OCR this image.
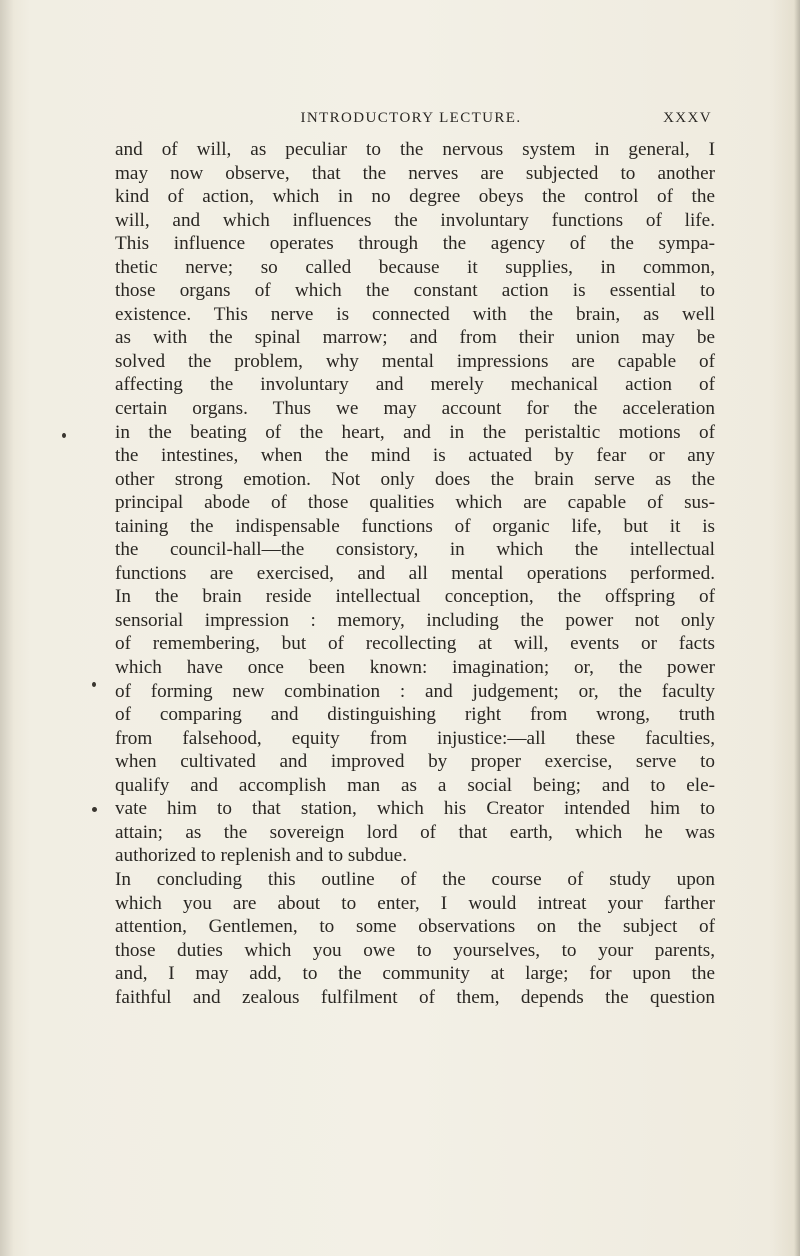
INTRODUCTORY LECTURE.	XXXV
and of will, as peculiar to the nervous system in general, I
may now observe, that the nerves are subjected to another
kind of action, which in no degree obeys the control of the
will, and which influences the involuntary functions of life.
This influence operates through the agency of the sympa-
thetic nerve; so called because it supplies, in common,
those organs of which the constant action is essential to
existence. This nerve is connected with the brain, as well
as with the spinal marrow; and from their union may be
solved the problem, why mental impressions are capable of
affecting the involuntary and merely mechanical action of
certain organs. Thus we may account for the acceleration
in the beating of the heart, and in the peristaltic motions of
the intestines, when the mind is actuated by fear or any
other strong emotion. Not only does the brain serve as the
principal abode of those qualities which are capable of sus-
taining the indispensable functions of organic life, but it is
the council-hall—the consistory, in which the intellectual
functions are exercised, and all mental operations performed.
In the brain reside intellectual conception, the offspring of
sensorial impression : memory, including the power not only
of remembering, but of recollecting at will, events or facts
which have once been known: imagination; or, the power
of forming new combination : and judgement; or, the faculty
of comparing and distinguishing right from wrong, truth
from falsehood, equity from injustice:—all these faculties,
when cultivated and improved by proper exercise, serve to
qualify and accomplish man as a social being; and to ele-
vate him to that station, which his Creator intended him to
attain; as the sovereign lord of that earth, which he was
authorized to replenish and to subdue.
In concluding this outline of the course of study upon
which you are about to enter, I would intreat your farther
attention, Gentlemen, to some observations on the subject of
those duties which you owe to yourselves, to your parents,
and, I may add, to the community at large; for upon the
faithful and zealous fulfilment of them, depends the question
